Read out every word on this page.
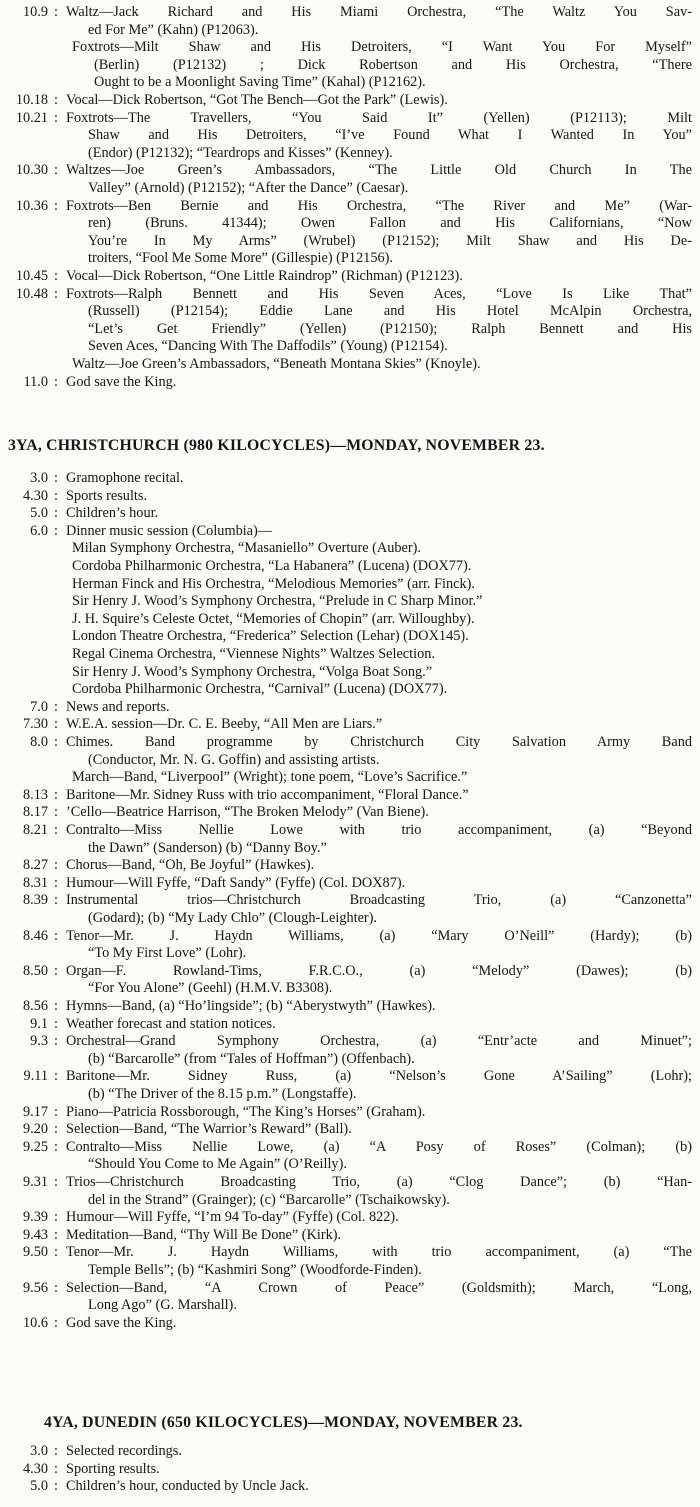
10.9 : Waltz—Jack Richard and His Miami Orchestra, “The Waltz You Sav-
ed For Me” (Kahn) (P12063).
Foxtrots—Milt Shaw and His Detroiters, “I Want You For Myself”
(Berlin) (P12132) ; Dick Robertson and His Orchestra, “There
Ought to be a Moonlight Saving Time” (Kahal) (P12162).
10.18 : Vocal—Dick Robertson, “Got The Bench—Got the Park” (Lewis).
10.21 : Foxtrots—The Travellers, “You Said It” (Yellen) (P12113); Milt
Shaw and His Detroiters, “I’ve Found What I Wanted In You”
(Endor) (P12132); “Teardrops and Kisses” (Kenney).
10.30 : Waltzes—Joe Green’s Ambassadors, “The Little Old Church In The
Valley” (Arnold) (P12152); “After the Dance” (Caesar).
10.36 : Foxtrots—Ben Bernie and His Orchestra, “The River and Me” (War-
ren) (Bruns. 41344); Owen Fallon and His Californians, “Now
You’re In My Arms” (Wrubel) (P12152); Milt Shaw and His De-
troiters, “Fool Me Some More” (Gillespie) (P12156).
10.45 : Vocal—Dick Robertson, “One Little Raindrop” (Richman) (P12123).
10.48 : Foxtrots—Ralph Bennett and His Seven Aces, “Love Is Like That”
(Russell) (P12154); Eddie Lane and His Hotel McAlpin Orchestra,
“Let’s Get Friendly” (Yellen) (P12150); Ralph Bennett and His
Seven Aces, “Dancing With The Daffodils” (Young) (P12154).
Waltz—Joe Green’s Ambassadors, “Beneath Montana Skies” (Knoyle).
11.0 : God save the King.
3YA, CHRISTCHURCH (980 KILOCYCLES)—MONDAY, NOVEMBER 23.
3.0 : Gramophone recital.
4.30 : Sports results.
5.0 : Children’s hour.
6.0 : Dinner music session (Columbia)—
Milan Symphony Orchestra, “Masaniello” Overture (Auber).
Cordoba Philharmonic Orchestra, “La Habanera” (Lucena) (DOX77).
Herman Finck and His Orchestra, “Melodious Memories” (arr. Finck).
Sir Henry J. Wood’s Symphony Orchestra, “Prelude in C Sharp Minor.”
J. H. Squire’s Celeste Octet, “Memories of Chopin” (arr. Willoughby).
London Theatre Orchestra, “Frederica” Selection (Lehar) (DOX145).
Regal Cinema Orchestra, “Viennese Nights” Waltzes Selection.
Sir Henry J. Wood’s Symphony Orchestra, “Volga Boat Song.”
Cordoba Philharmonic Orchestra, “Carnival” (Lucena) (DOX77).
7.0 : News and reports.
7.30 : W.E.A. session—Dr. C. E. Beeby, “All Men are Liars.”
8.0 : Chimes. Band programme by Christchurch City Salvation Army Band
(Conductor, Mr. N. G. Goffin) and assisting artists.
March—Band, “Liverpool” (Wright); tone poem, “Love’s Sacrifice.”
8.13 : Baritone—Mr. Sidney Russ with trio accompaniment, “Floral Dance.”
8.17 : ’Cello—Beatrice Harrison, “The Broken Melody” (Van Biene).
8.21 : Contralto—Miss Nellie Lowe with trio accompaniment, (a) “Beyond
the Dawn” (Sanderson) (b) “Danny Boy.”
8.27 : Chorus—Band, “Oh, Be Joyful” (Hawkes).
8.31 : Humour—Will Fyffe, “Daft Sandy” (Fyffe) (Col. DOX87).
8.39 : Instrumental trios—Christchurch Broadcasting Trio, (a) “Canzonetta”
(Godard); (b) “My Lady Chlo” (Clough-Leighter).
8.46 : Tenor—Mr. J. Haydn Williams, (a) “Mary O’Neill” (Hardy); (b)
“To My First Love” (Lohr).
8.50 : Organ—F. Rowland-Tims, F.R.C.O., (a) “Melody” (Dawes); (b)
“For You Alone” (Geehl) (H.M.V. B3308).
8.56 : Hymns—Band, (a) “Ho’lingside”; (b) “Aberystwyth” (Hawkes).
9.1 : Weather forecast and station notices.
9.3 : Orchestral—Grand Symphony Orchestra, (a) “Entr’acte and Minuet”;
(b) “Barcarolle” (from “Tales of Hoffman”) (Offenbach).
9.11 : Baritone—Mr. Sidney Russ, (a) “Nelson’s Gone A’Sailing” (Lohr);
(b) “The Driver of the 8.15 p.m.” (Longstaffe).
9.17 : Piano—Patricia Rossborough, “The King’s Horses” (Graham).
9.20 : Selection—Band, “The Warrior’s Reward” (Ball).
9.25 : Contralto—Miss Nellie Lowe, (a) “A Posy of Roses” (Colman); (b)
“Should You Come to Me Again” (O’Reilly).
9.31 : Trios—Christchurch Broadcasting Trio, (a) “Clog Dance”; (b) “Han-
del in the Strand” (Grainger); (c) “Barcarolle” (Tschaikowsky).
9.39 : Humour—Will Fyffe, “I’m 94 To-day” (Fyffe) (Col. 822).
9.43 : Meditation—Band, “Thy Will Be Done” (Kirk).
9.50 : Tenor—Mr. J. Haydn Williams, with trio accompaniment, (a) “The
Temple Bells”; (b) “Kashmiri Song” (Woodforde-Finden).
9.56 : Selection—Band, “A Crown of Peace” (Goldsmith); March, “Long,
Long Ago” (G. Marshall).
10.6 : God save the King.
4YA, DUNEDIN (650 KILOCYCLES)—MONDAY, NOVEMBER 23.
3.0 : Selected recordings.
4.30 : Sporting results.
5.0 : Children’s hour, conducted by Uncle Jack.
